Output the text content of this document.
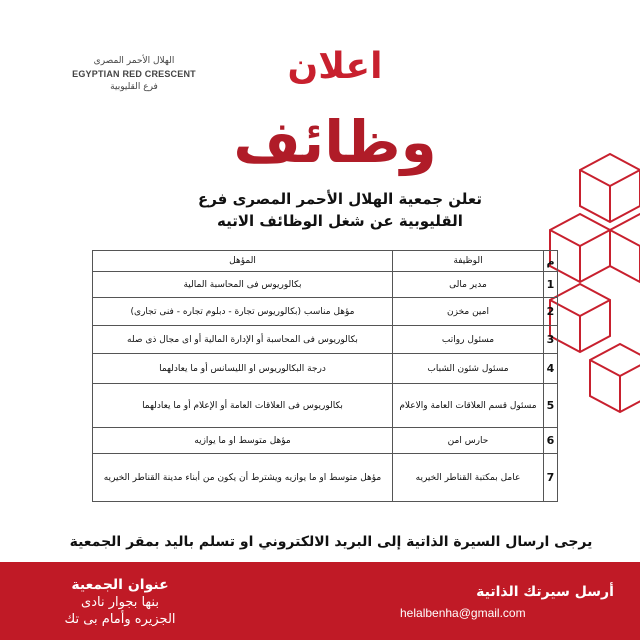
الهلال الأحمر المصرى
EGYPTIAN RED CRESCENT
فرع القليوبية	اعلان
وظائف
تعلن جمعية الهلال الأحمر المصرى فرع
القليوبية عن شغل الوظائف الاتيه
م	الوظيفة	المؤهل
1	مدير مالى	بكالوريوس فى المحاسبة المالية
2	امين مخزن	مؤهل مناسب (بكالوريوس تجارة - دبلوم تجاره - فنى تجارى)
3	مسئول رواتب	بكالوريوس فى المحاسبة أو الإدارة المالية أو اى مجال ذى صله
4	مسئول شئون الشباب	درجة البكالوريوس او الليسانس أو ما يعادلهما
5	مسئول قسم العلاقات العامة والاعلام	بكالوريوس فى العلاقات العامة أو الإعلام أو ما يعادلهما
6	حارس امن	مؤهل متوسط او ما يوازيه
7	عامل بمكتبة القناطر الخيريه	مؤهل متوسط او ما يوازيه ويشترط أن يكون من أبناء مدينة القناطر الخيريه
يرجى ارسال السيرة الذاتية إلى البريد الالكتروني او تسلم باليد بمقر الجمعية
أرسل سيرتك الذاتية
helalbenha@gmail.com
عنوان الجمعية
بنها بجوار نادى
الجزيره وأمام بى تك
